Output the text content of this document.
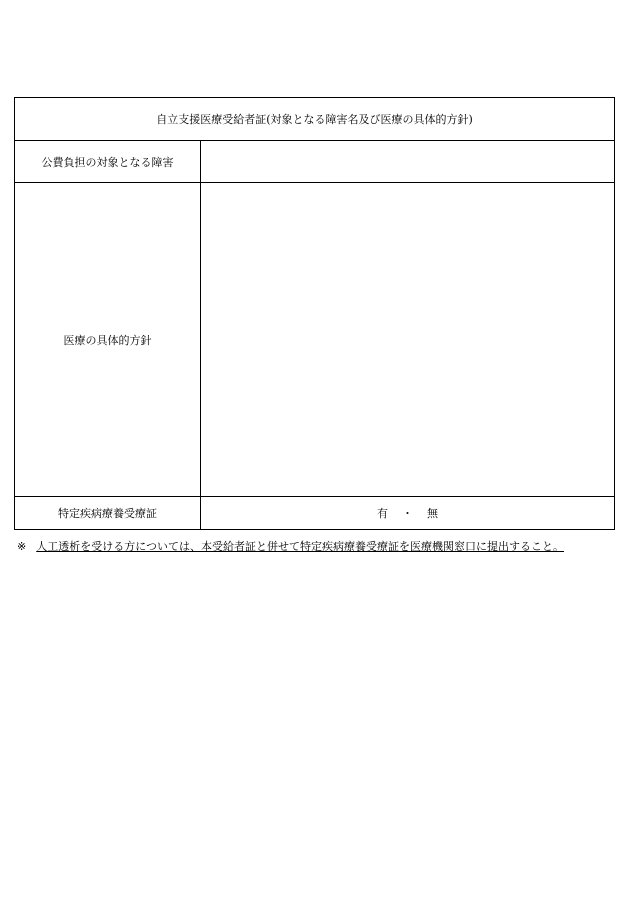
自立支援医療受給者証(対象となる障害名及び医療の具体的方針)	
公費負担の対象となる障害	
医療の具体的方針	
特定疾病療養受療証	有 ・ 無
※ 人工透析を受ける方については、本受給者証と併せて特定疾病療養受療証を医療機関窓口に提出すること。
